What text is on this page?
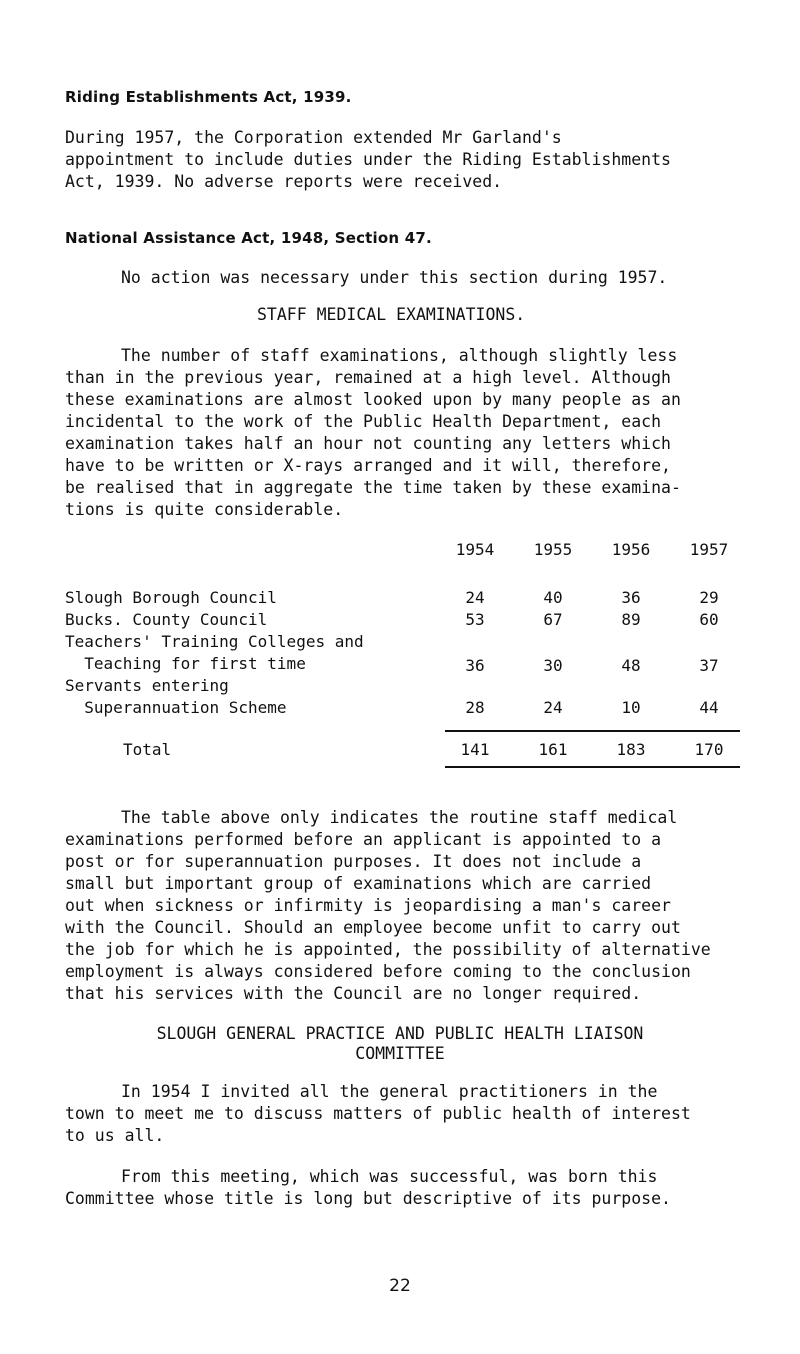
Riding Establishments Act, 1939.
During 1957, the Corporation extended Mr Garland's
appointment to include duties under the Riding Establishments
Act, 1939. No adverse reports were received.
National Assistance Act, 1948, Section 47.
No action was necessary under this section during 1957.
STAFF MEDICAL EXAMINATIONS.
The number of staff examinations, although slightly less
than in the previous year, remained at a high level. Although
these examinations are almost looked upon by many people as an
incidental to the work of the Public Health Department, each
examination takes half an hour not counting any letters which
have to be written or X-rays arranged and it will, therefore,
be realised that in aggregate the time taken by these examina-
tions is quite considerable.
1954	1955	1956	1957
Slough Borough Council	24	40	36	29
Bucks. County Council	53	67	89	60
Teachers' Training Colleges and
Teaching for first time	36	30	48	37
Servants entering
Superannuation Scheme	28	24	10	44
Total	141	161	183	170
The table above only indicates the routine staff medical
examinations performed before an applicant is appointed to a
post or for superannuation purposes. It does not include a
small but important group of examinations which are carried
out when sickness or infirmity is jeopardising a man's career
with the Council. Should an employee become unfit to carry out
the job for which he is appointed, the possibility of alternative
employment is always considered before coming to the conclusion
that his services with the Council are no longer required.
SLOUGH GENERAL PRACTICE AND PUBLIC HEALTH LIAISON
COMMITTEE
In 1954 I invited all the general practitioners in the
town to meet me to discuss matters of public health of interest
to us all.
From this meeting, which was successful, was born this
Committee whose title is long but descriptive of its purpose.
22
